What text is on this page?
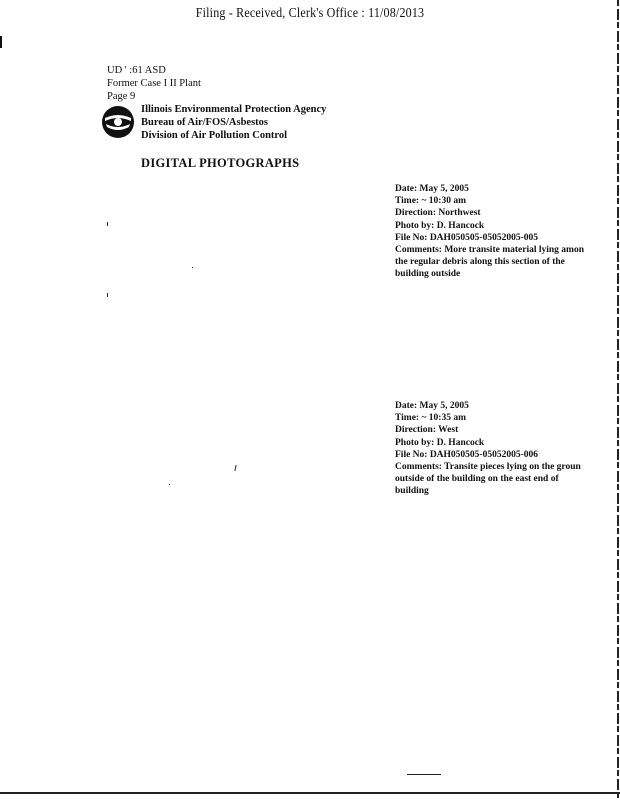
Filing - Received, Clerk's Office : 11/08/2013
UD ' :61 ASD
Former Case I II Plant
Page 9
Illinois Environmental Protection Agency
Bureau of Air/FOS/Asbestos
Division of Air Pollution Control
DIGITAL PHOTOGRAPHS
Date: May 5, 2005
Time: ~ 10:30 am
Direction: Northwest
Photo by: D. Hancock
File No: DAH050505-05052005-005
Comments: More transite material lying amon
the regular debris along this section of the
building outside
Date: May 5, 2005
Time: ~ 10:35 am
Direction: West
Photo by: D. Hancock
File No: DAH050505-05052005-006
Comments: Transite pieces lying on the groun
outside of the building on the east end of
building
